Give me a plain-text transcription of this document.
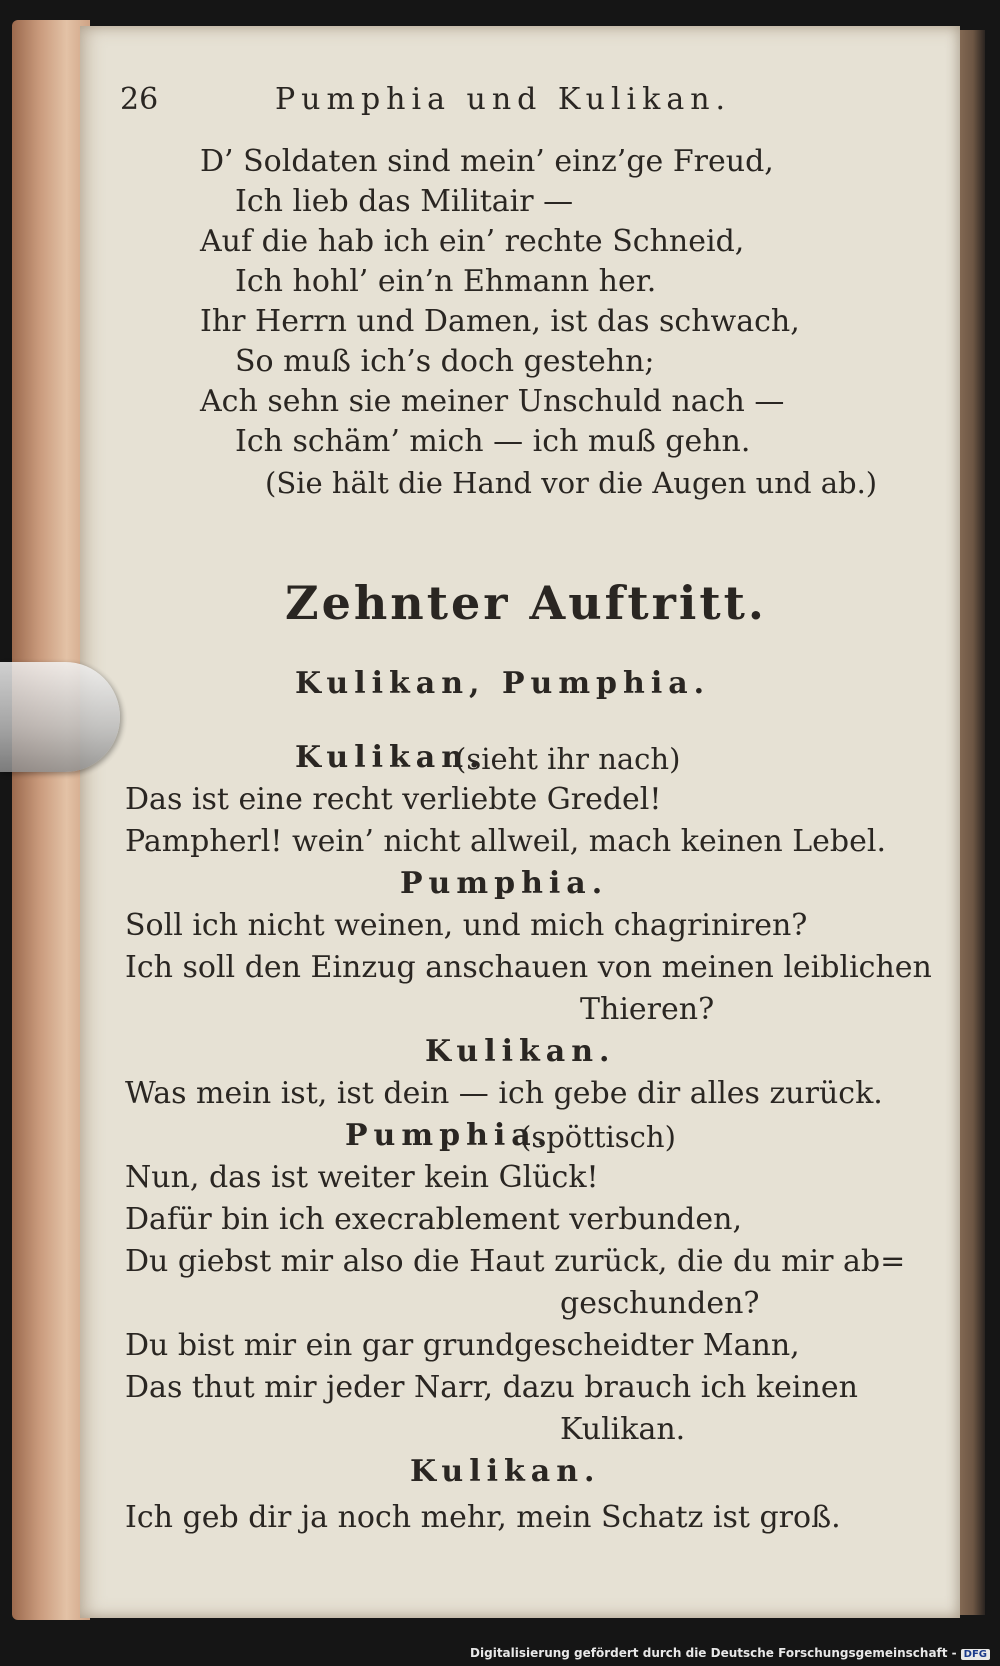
26	Pumphia und Kulikan.
D’ Soldaten sind mein’ einz’ge Freud,
Ich lieb das Militair —
Auf die hab ich ein’ rechte Schneid,
Ich hohl’ ein’n Ehmann her.
Ihr Herrn und Damen, ist das schwach,
So muß ich’s doch gestehn;
Ach sehn sie meiner Unschuld nach —
Ich schäm’ mich — ich muß gehn.
(Sie hält die Hand vor die Augen und ab.)
Zehnter Auftritt.
Kulikan, Pumphia.
Kulikan.
(sieht ihr nach)
Das ist eine recht verliebte Gredel!
Pampherl! wein’ nicht allweil, mach keinen Lebel.
Pumphia.
Soll ich nicht weinen, und mich chagriniren?
Ich soll den Einzug anschauen von meinen leiblichen
Thieren?
Kulikan.
Was mein ist, ist dein — ich gebe dir alles zurück.
Pumphia.
(spöttisch)
Nun, das ist weiter kein Glück!
Dafür bin ich execrablement verbunden,
Du giebst mir also die Haut zurück, die du mir ab=
geschunden?
Du bist mir ein gar grundgescheidter Mann,
Das thut mir jeder Narr, dazu brauch ich keinen
Kulikan.
Kulikan.
Ich geb dir ja noch mehr, mein Schatz ist groß.
Digitalisierung gefördert durch die Deutsche Forschungsgemeinschaft - DFG
